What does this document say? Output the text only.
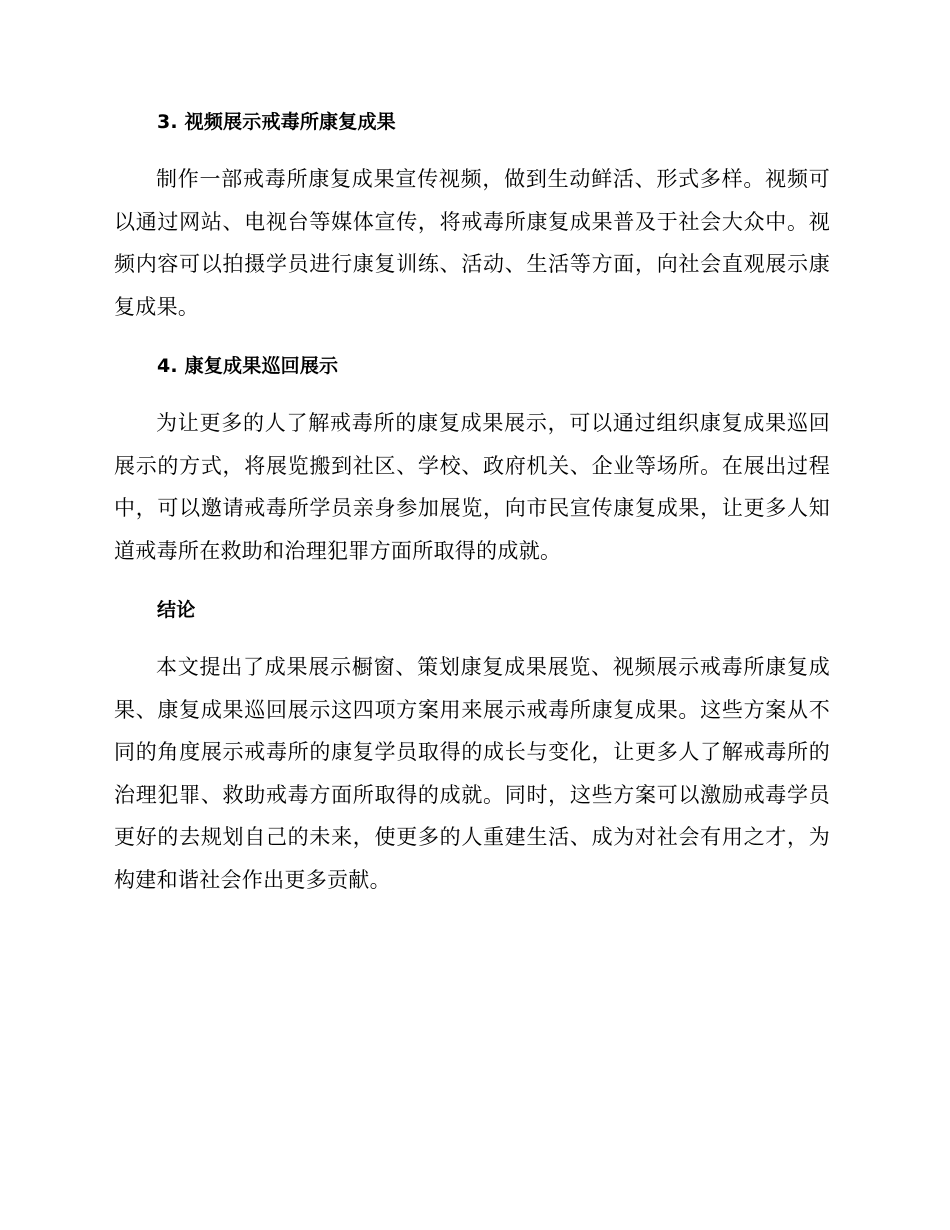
3. 视频展示戒毒所康复成果

制作一部戒毒所康复成果宣传视频，做到生动鲜活、形式多样。视频可以通过网站、电视台等媒体宣传，将戒毒所康复成果普及于社会大众中。视频内容可以拍摄学员进行康复训练、活动、生活等方面，向社会直观展示康复成果。

4. 康复成果巡回展示

为让更多的人了解戒毒所的康复成果展示，可以通过组织康复成果巡回展示的方式，将展览搬到社区、学校、政府机关、企业等场所。在展出过程中，可以邀请戒毒所学员亲身参加展览，向市民宣传康复成果，让更多人知道戒毒所在救助和治理犯罪方面所取得的成就。

结论

本文提出了成果展示橱窗、策划康复成果展览、视频展示戒毒所康复成果、康复成果巡回展示这四项方案用来展示戒毒所康复成果。这些方案从不同的角度展示戒毒所的康复学员取得的成长与变化，让更多人了解戒毒所的治理犯罪、救助戒毒方面所取得的成就。同时，这些方案可以激励戒毒学员更好的去规划自己的未来，使更多的人重建生活、成为对社会有用之才，为构建和谐社会作出更多贡献。
